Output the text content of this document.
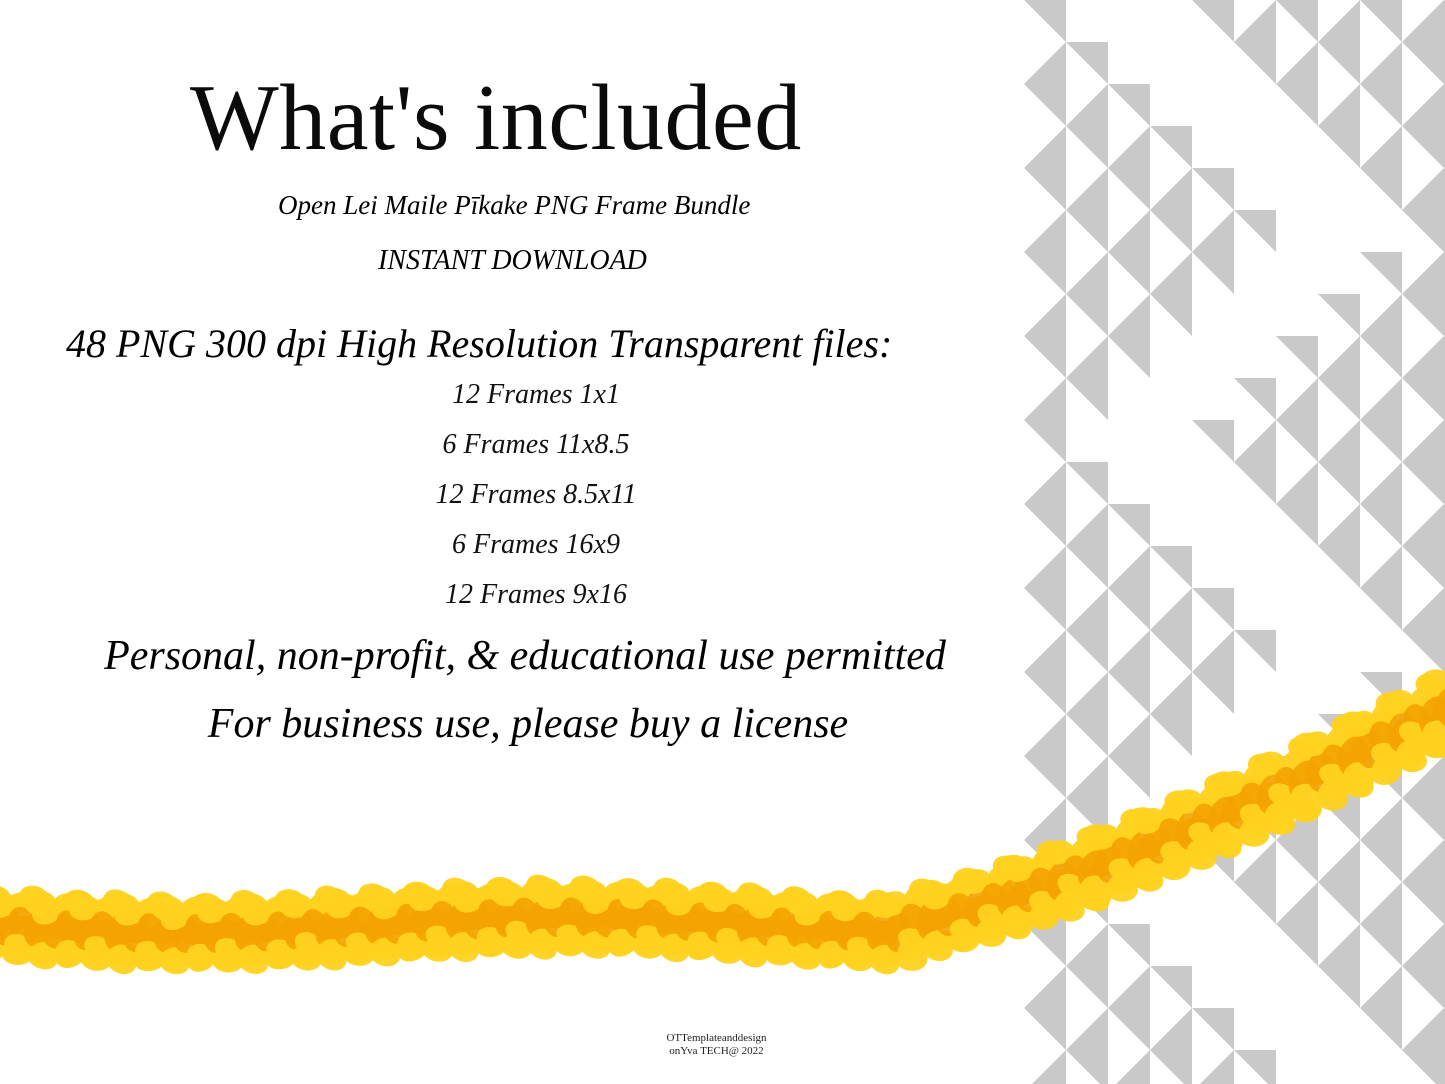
What's included
Open Lei Maile Pīkake PNG Frame Bundle
INSTANT DOWNLOAD
48 PNG 300 dpi High Resolution Transparent files:
12 Frames 1x1
6 Frames 11x8.5
12 Frames 8.5x11
6 Frames 16x9
12 Frames 9x16
Personal, non-profit, & educational use permitted
For business use, please buy a license
OTTemplateanddesign
onYva TECH@ 2022
